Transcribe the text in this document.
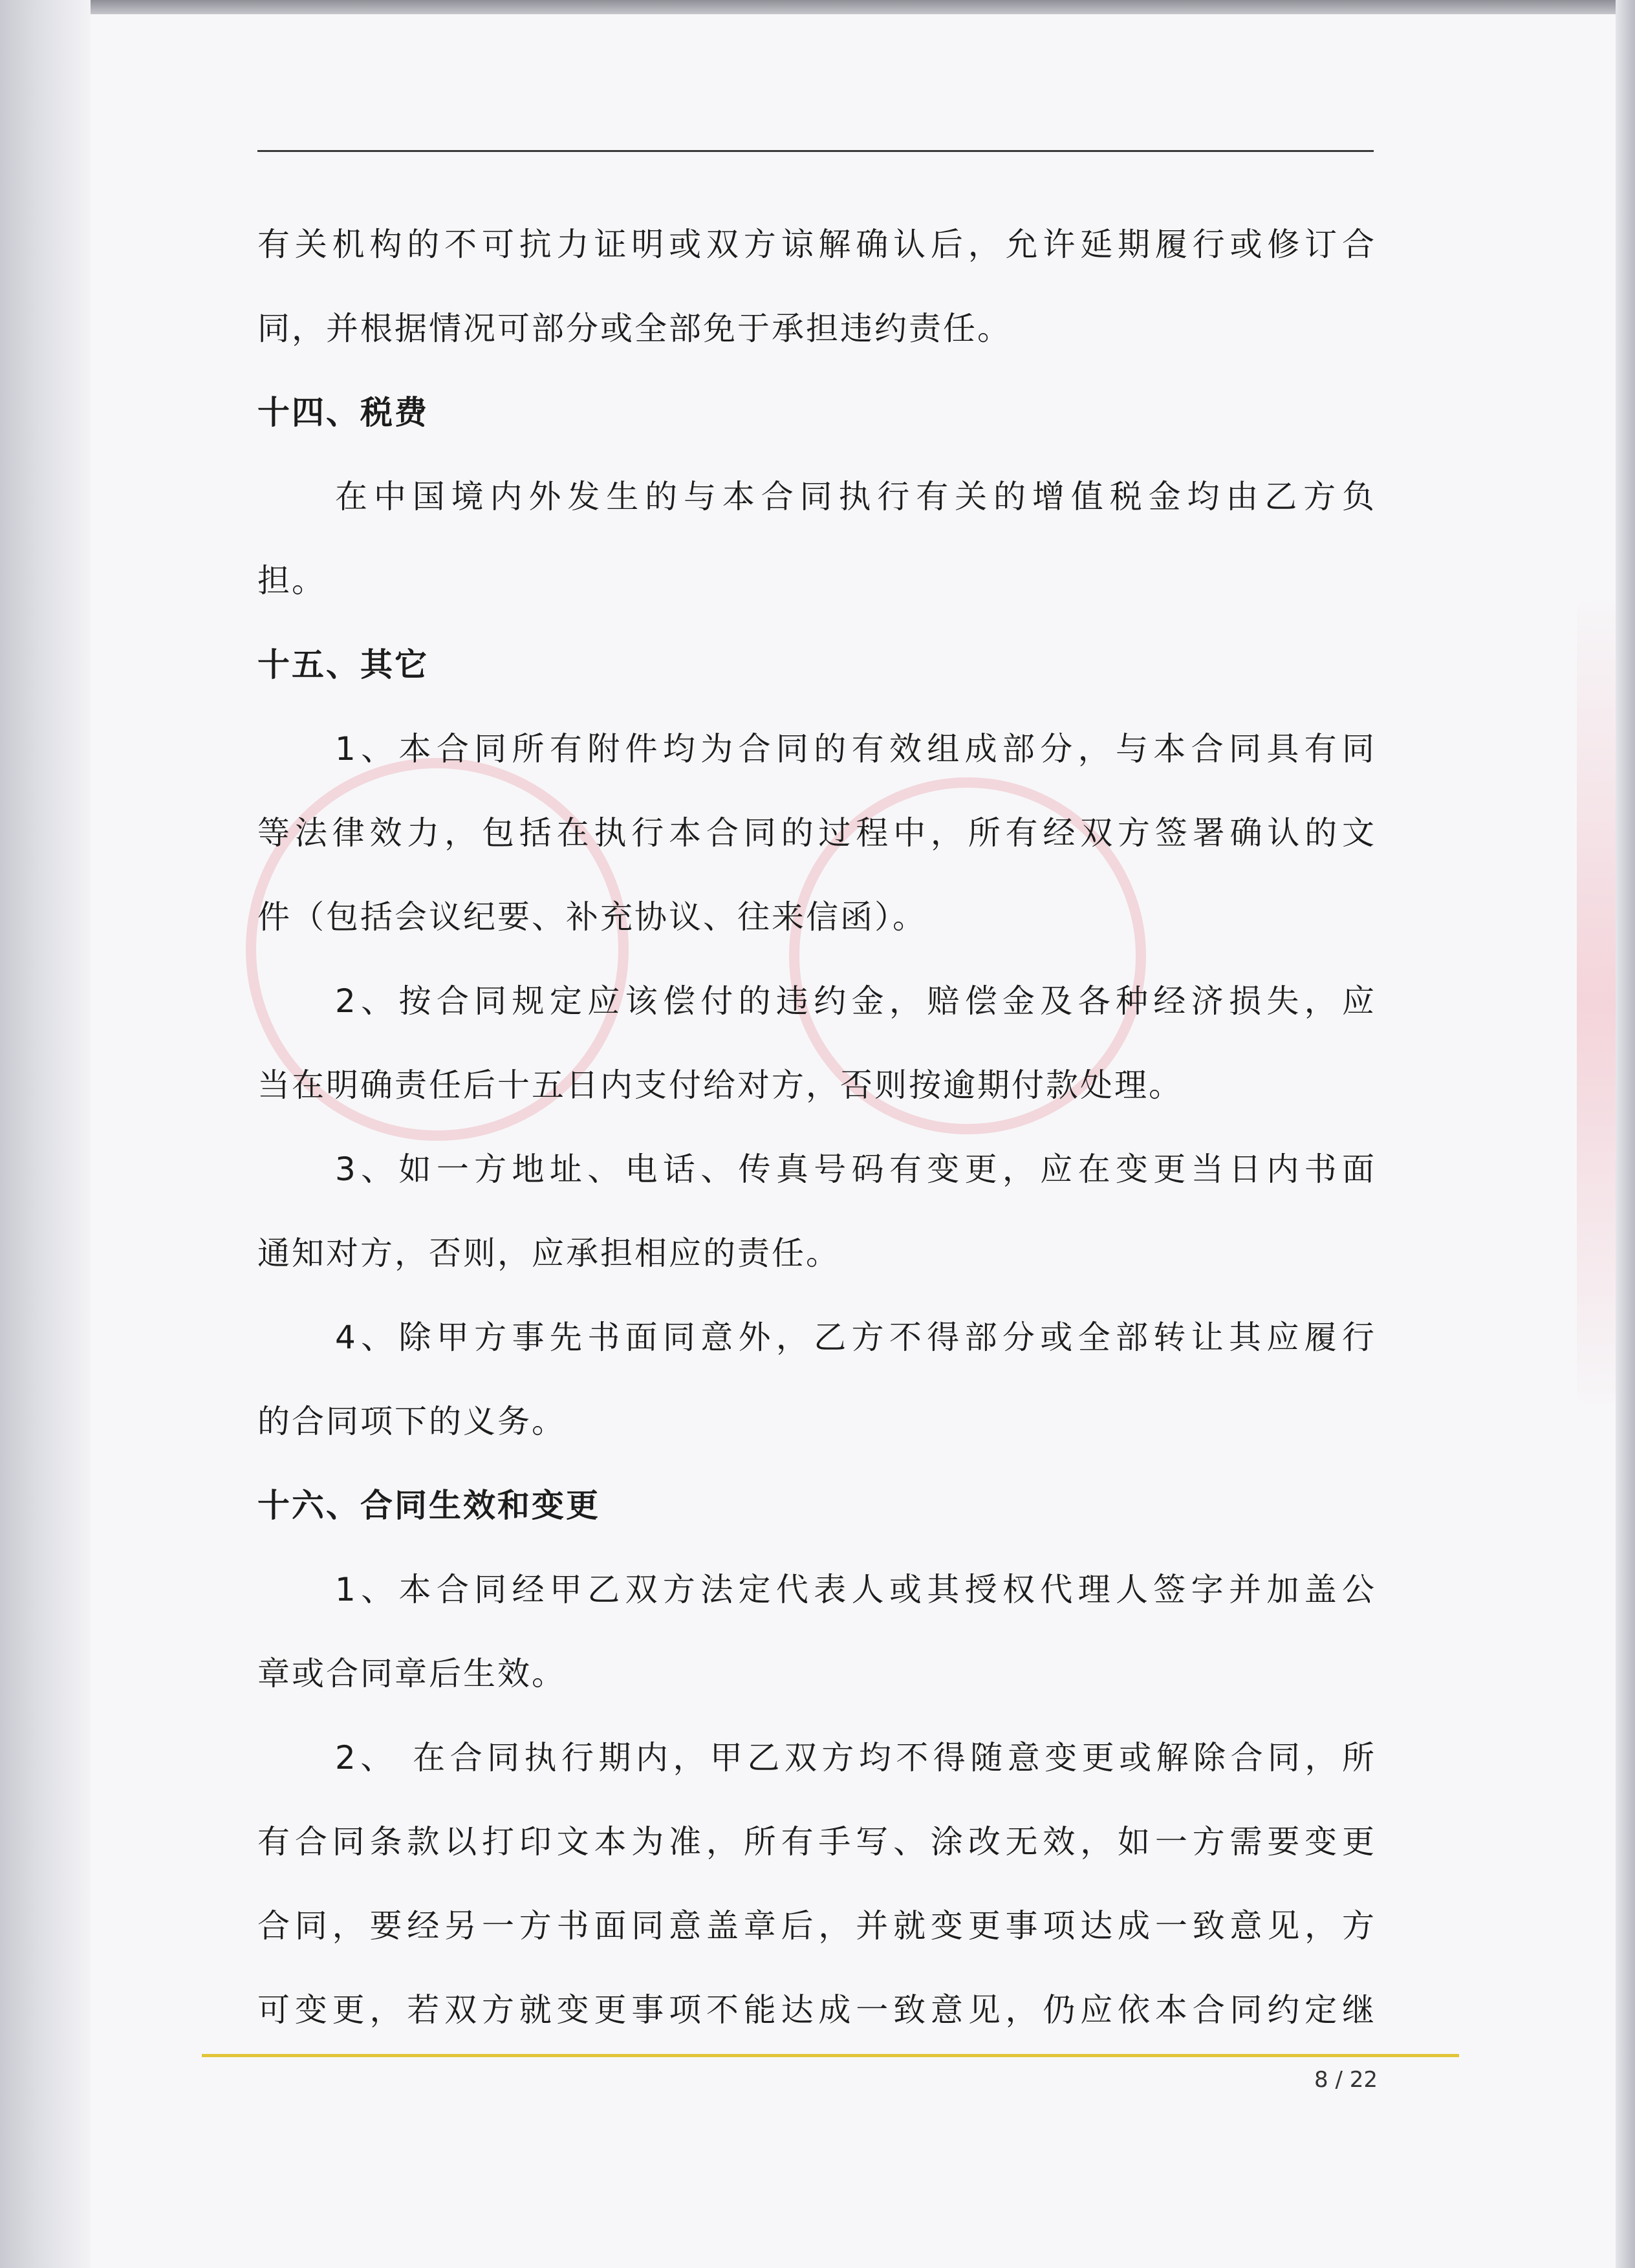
有关机构的不可抗力证明或双方谅解确认后，允许延期履行或修订合
同，并根据情况可部分或全部免于承担违约责任。
十四、税费
在中国境内外发生的与本合同执行有关的增值税金均由乙方负
担。
十五、其它
1、本合同所有附件均为合同的有效组成部分，与本合同具有同
等法律效力，包括在执行本合同的过程中，所有经双方签署确认的文
件（包括会议纪要、补充协议、往来信函）。
2、按合同规定应该偿付的违约金，赔偿金及各种经济损失，应
当在明确责任后十五日内支付给对方，否则按逾期付款处理。
3、如一方地址、电话、传真号码有变更，应在变更当日内书面
通知对方，否则，应承担相应的责任。
4、除甲方事先书面同意外，乙方不得部分或全部转让其应履行
的合同项下的义务。
十六、合同生效和变更
1、本合同经甲乙双方法定代表人或其授权代理人签字并加盖公
章或合同章后生效。
2、 在合同执行期内，甲乙双方均不得随意变更或解除合同，所
有合同条款以打印文本为准，所有手写、涂改无效，如一方需要变更
合同，要经另一方书面同意盖章后，并就变更事项达成一致意见，方
可变更，若双方就变更事项不能达成一致意见，仍应依本合同约定继
8 / 22
